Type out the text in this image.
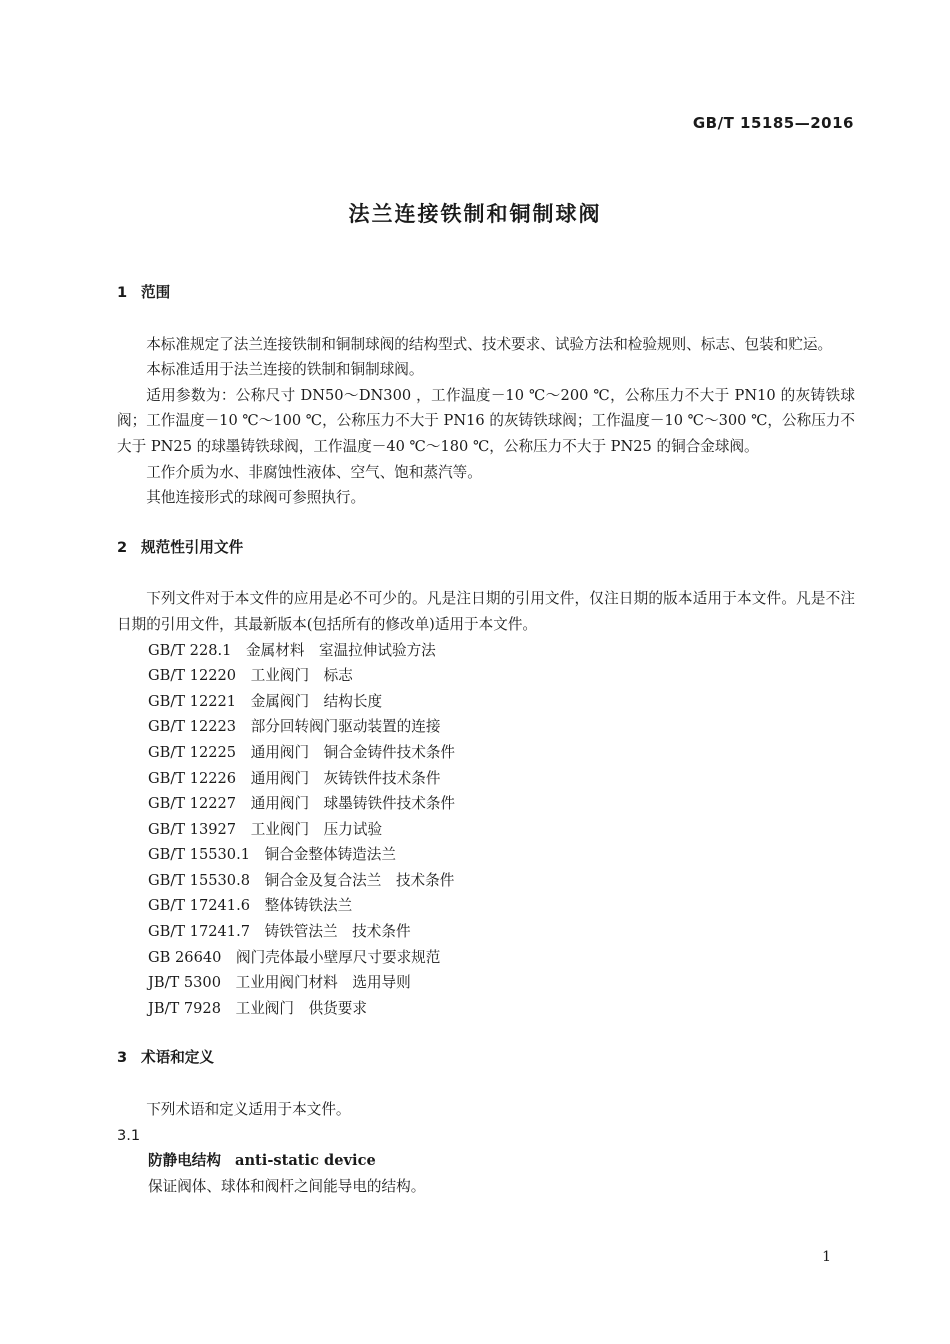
GB/T 15185—2016
法兰连接铁制和铜制球阀
1 范围

本标准规定了法兰连接铁制和铜制球阀的结构型式、技术要求、试验方法和检验规则、标志、包装和贮运。

本标准适用于法兰连接的铁制和铜制球阀。

适用参数为：公称尺寸 DN50～DN300 ，工作温度－10 ℃～200 ℃，公称压力不大于 PN10 的灰铸铁球阀；工作温度－10 ℃～100 ℃，公称压力不大于 PN16 的灰铸铁球阀；工作温度－10 ℃～300 ℃，公称压力不大于 PN25 的球墨铸铁球阀，工作温度－40 ℃～180 ℃，公称压力不大于 PN25 的铜合金球阀。

工作介质为水、非腐蚀性液体、空气、饱和蒸汽等。

其他连接形式的球阀可参照执行。

2 规范性引用文件

下列文件对于本文件的应用是必不可少的。凡是注日期的引用文件，仅注日期的版本适用于本文件。凡是不注日期的引用文件，其最新版本(包括所有的修改单)适用于本文件。

GB/T 228.1　金属材料　室温拉伸试验方法
GB/T 12220　工业阀门　标志
GB/T 12221　金属阀门　结构长度
GB/T 12223　部分回转阀门驱动装置的连接
GB/T 12225　通用阀门　铜合金铸件技术条件
GB/T 12226　通用阀门　灰铸铁件技术条件
GB/T 12227　通用阀门　球墨铸铁件技术条件
GB/T 13927　工业阀门　压力试验
GB/T 15530.1　铜合金整体铸造法兰
GB/T 15530.8　铜合金及复合法兰　技术条件
GB/T 17241.6　整体铸铁法兰
GB/T 17241.7　铸铁管法兰　技术条件
GB 26640　阀门壳体最小壁厚尺寸要求规范
JB/T 5300　工业用阀门材料　选用导则
JB/T 7928　工业阀门　供货要求
3 术语和定义

下列术语和定义适用于本文件。

3.1
防静电结构 anti-static device
保证阀体、球体和阀杆之间能导电的结构。
1
